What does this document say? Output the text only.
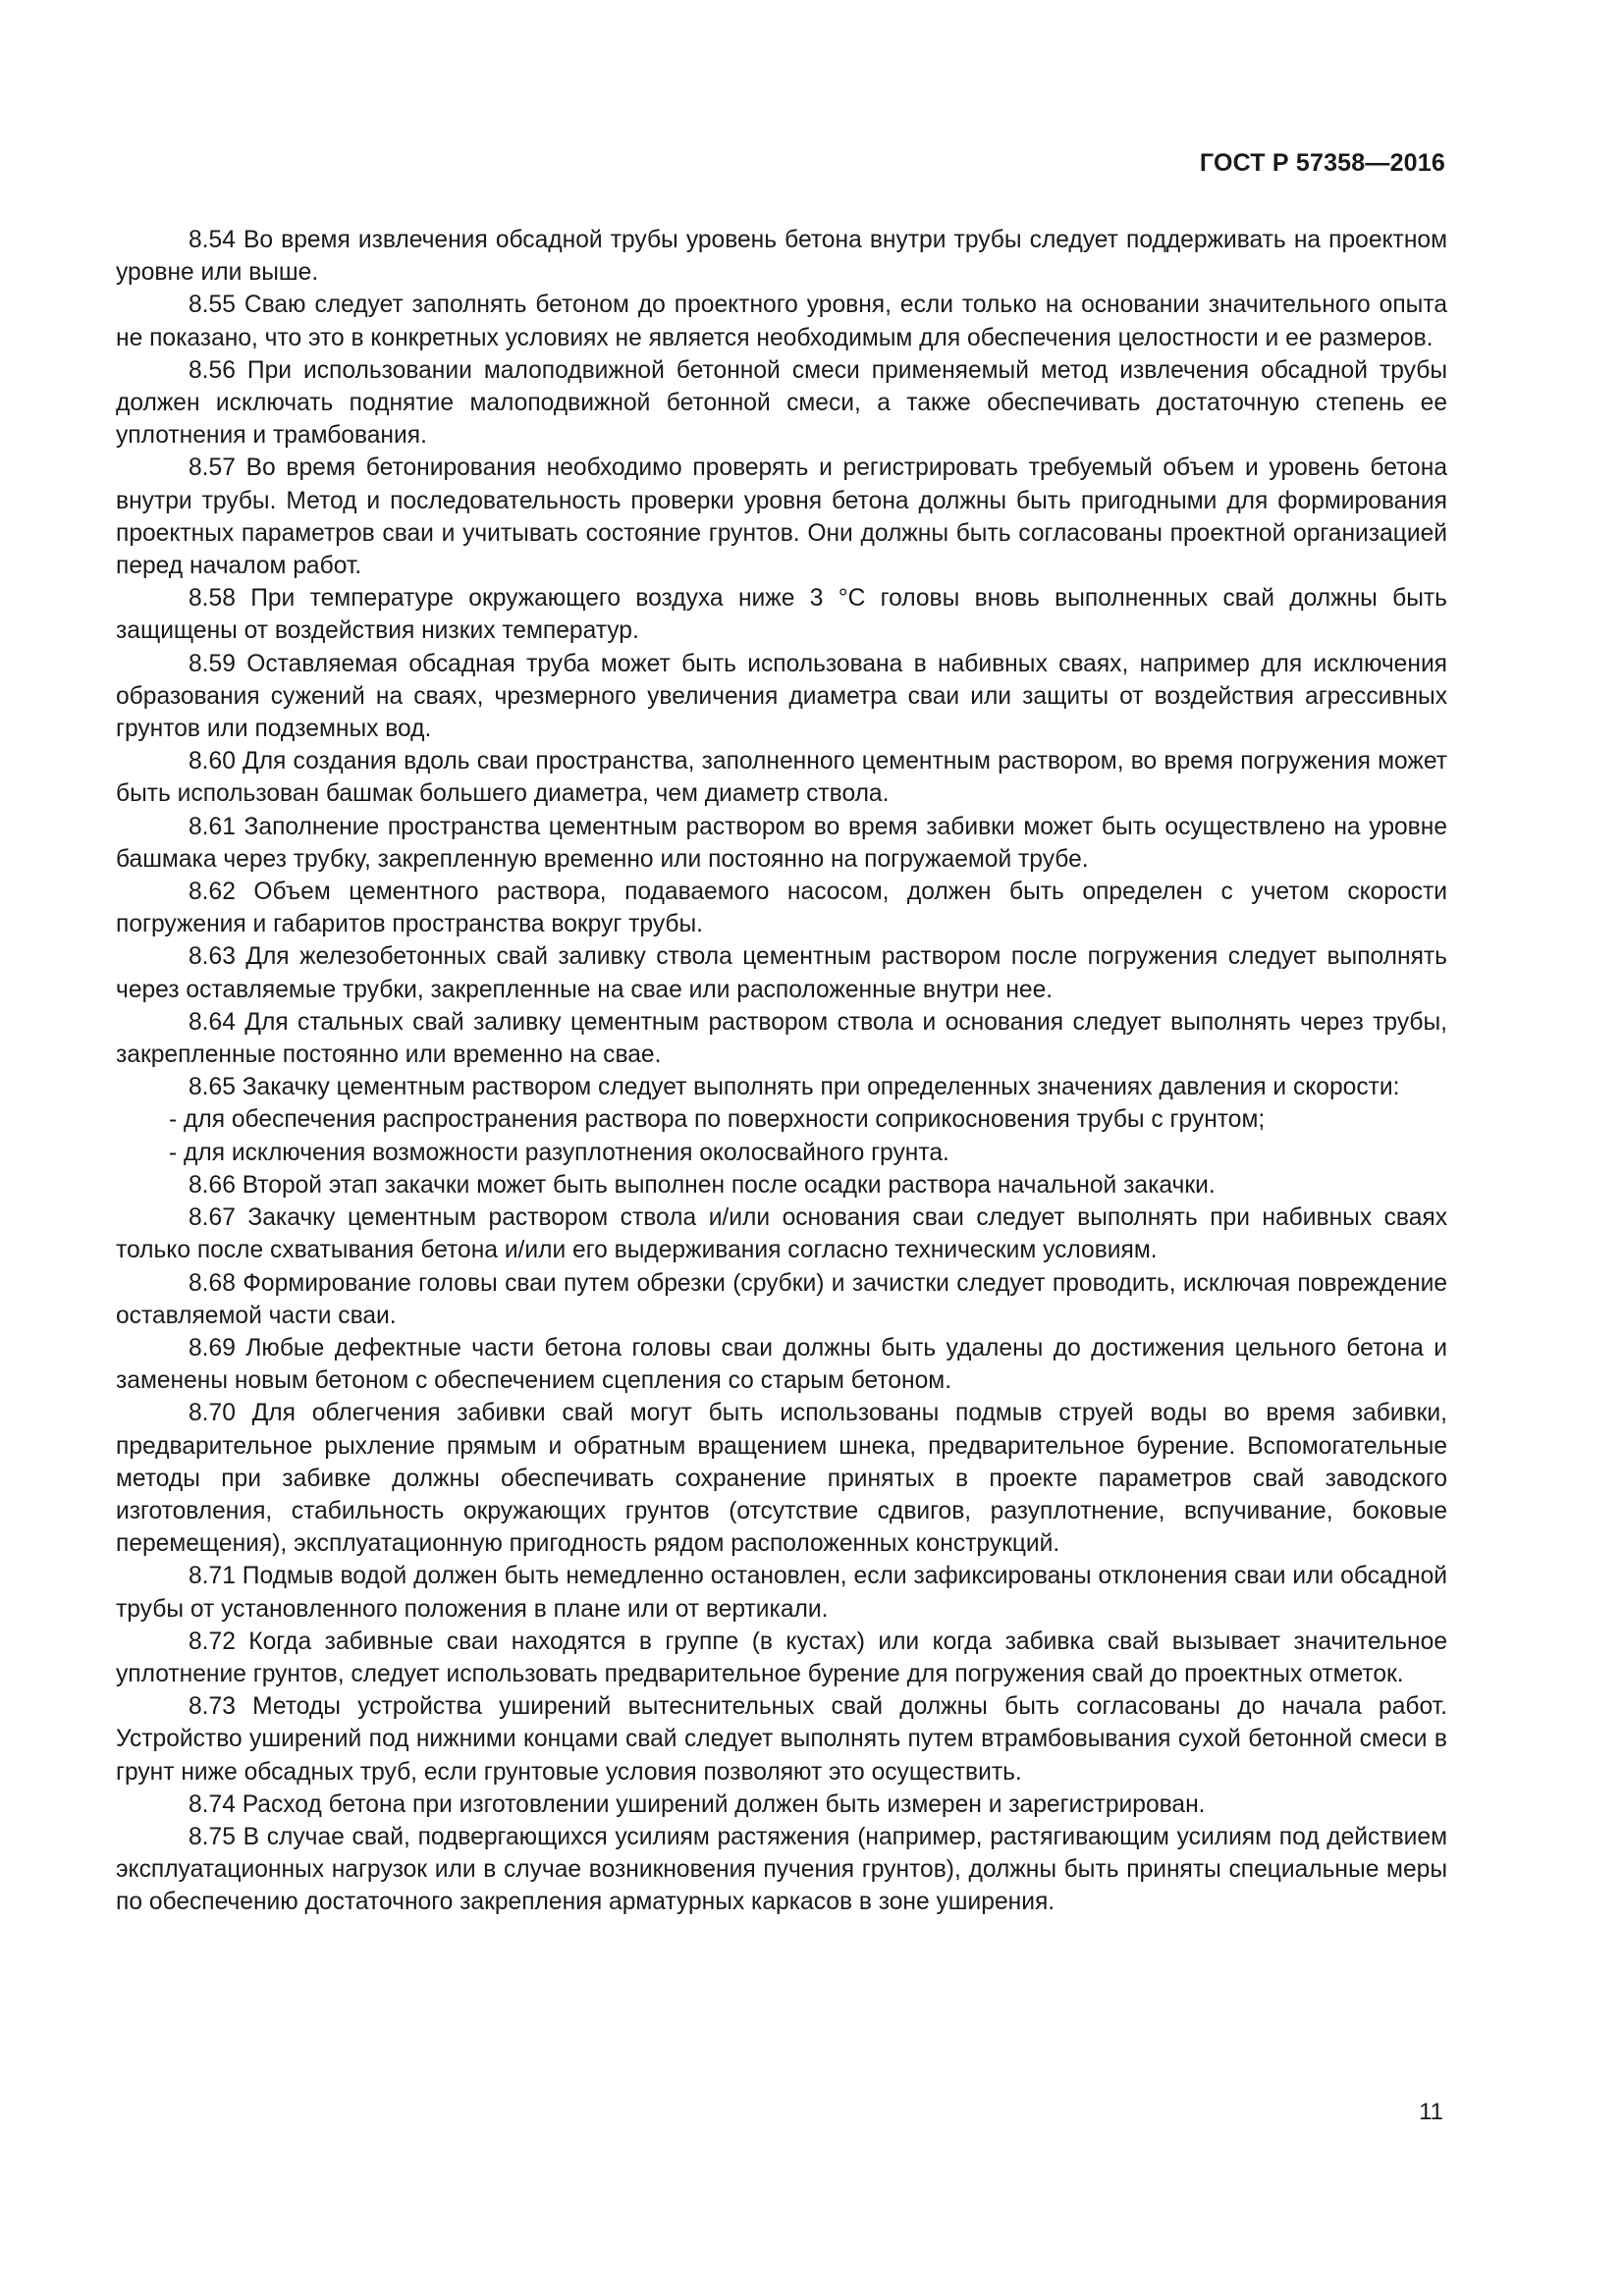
ГОСТ Р 57358—2016

8.54 Во время извлечения обсадной трубы уровень бетона внутри трубы следует поддерживать на проектном уровне или выше.

8.55 Сваю следует заполнять бетоном до проектного уровня, если только на основании значительного опыта не показано, что это в конкретных условиях не является необходимым для обеспечения целостности и ее размеров.

8.56 При использовании малоподвижной бетонной смеси применяемый метод извлечения обсадной трубы должен исключать поднятие малоподвижной бетонной смеси, а также обеспечивать достаточную степень ее уплотнения и трамбования.

8.57 Во время бетонирования необходимо проверять и регистрировать требуемый объем и уровень бетона внутри трубы. Метод и последовательность проверки уровня бетона должны быть пригодными для формирования проектных параметров сваи и учитывать состояние грунтов. Они должны быть согласованы проектной организацией перед началом работ.

8.58 При температуре окружающего воздуха ниже 3 °С головы вновь выполненных свай должны быть защищены от воздействия низких температур.

8.59 Оставляемая обсадная труба может быть использована в набивных сваях, например для исключения образования сужений на сваях, чрезмерного увеличения диаметра сваи или защиты от воздействия агрессивных грунтов или подземных вод.

8.60 Для создания вдоль сваи пространства, заполненного цементным раствором, во время погружения может быть использован башмак большего диаметра, чем диаметр ствола.

8.61 Заполнение пространства цементным раствором во время забивки может быть осуществлено на уровне башмака через трубку, закрепленную временно или постоянно на погружаемой трубе.

8.62 Объем цементного раствора, подаваемого насосом, должен быть определен с учетом скорости погружения и габаритов пространства вокруг трубы.

8.63 Для железобетонных свай заливку ствола цементным раствором после погружения следует выполнять через оставляемые трубки, закрепленные на свае или расположенные внутри нее.

8.64 Для стальных свай заливку цементным раствором ствола и основания следует выполнять через трубы, закрепленные постоянно или временно на свае.

8.65 Закачку цементным раствором следует выполнять при определенных значениях давления и скорости:

- для обеспечения распространения раствора по поверхности соприкосновения трубы с грунтом;

- для исключения возможности разуплотнения околосвайного грунта.

8.66 Второй этап закачки может быть выполнен после осадки раствора начальной закачки.

8.67 Закачку цементным раствором ствола и/или основания сваи следует выполнять при набивных сваях только после схватывания бетона и/или его выдерживания согласно техническим условиям.

8.68 Формирование головы сваи путем обрезки (срубки) и зачистки следует проводить, исключая повреждение оставляемой части сваи.

8.69 Любые дефектные части бетона головы сваи должны быть удалены до достижения цельного бетона и заменены новым бетоном с обеспечением сцепления со старым бетоном.

8.70 Для облегчения забивки свай могут быть использованы подмыв струей воды во время забивки, предварительное рыхление прямым и обратным вращением шнека, предварительное бурение. Вспомогательные методы при забивке должны обеспечивать сохранение принятых в проекте параметров свай заводского изготовления, стабильность окружающих грунтов (отсутствие сдвигов, разуплотнение, вспучивание, боковые перемещения), эксплуатационную пригодность рядом расположенных конструкций.

8.71 Подмыв водой должен быть немедленно остановлен, если зафиксированы отклонения сваи или обсадной трубы от установленного положения в плане или от вертикали.

8.72 Когда забивные сваи находятся в группе (в кустах) или когда забивка свай вызывает значительное уплотнение грунтов, следует использовать предварительное бурение для погружения свай до проектных отметок.

8.73 Методы устройства уширений вытеснительных свай должны быть согласованы до начала работ. Устройство уширений под нижними концами свай следует выполнять путем втрамбовывания сухой бетонной смеси в грунт ниже обсадных труб, если грунтовые условия позволяют это осуществить.

8.74 Расход бетона при изготовлении уширений должен быть измерен и зарегистрирован.

8.75 В случае свай, подвергающихся усилиям растяжения (например, растягивающим усилиям под действием эксплуатационных нагрузок или в случае возникновения пучения грунтов), должны быть приняты специальные меры по обеспечению достаточного закрепления арматурных каркасов в зоне уширения.

11
